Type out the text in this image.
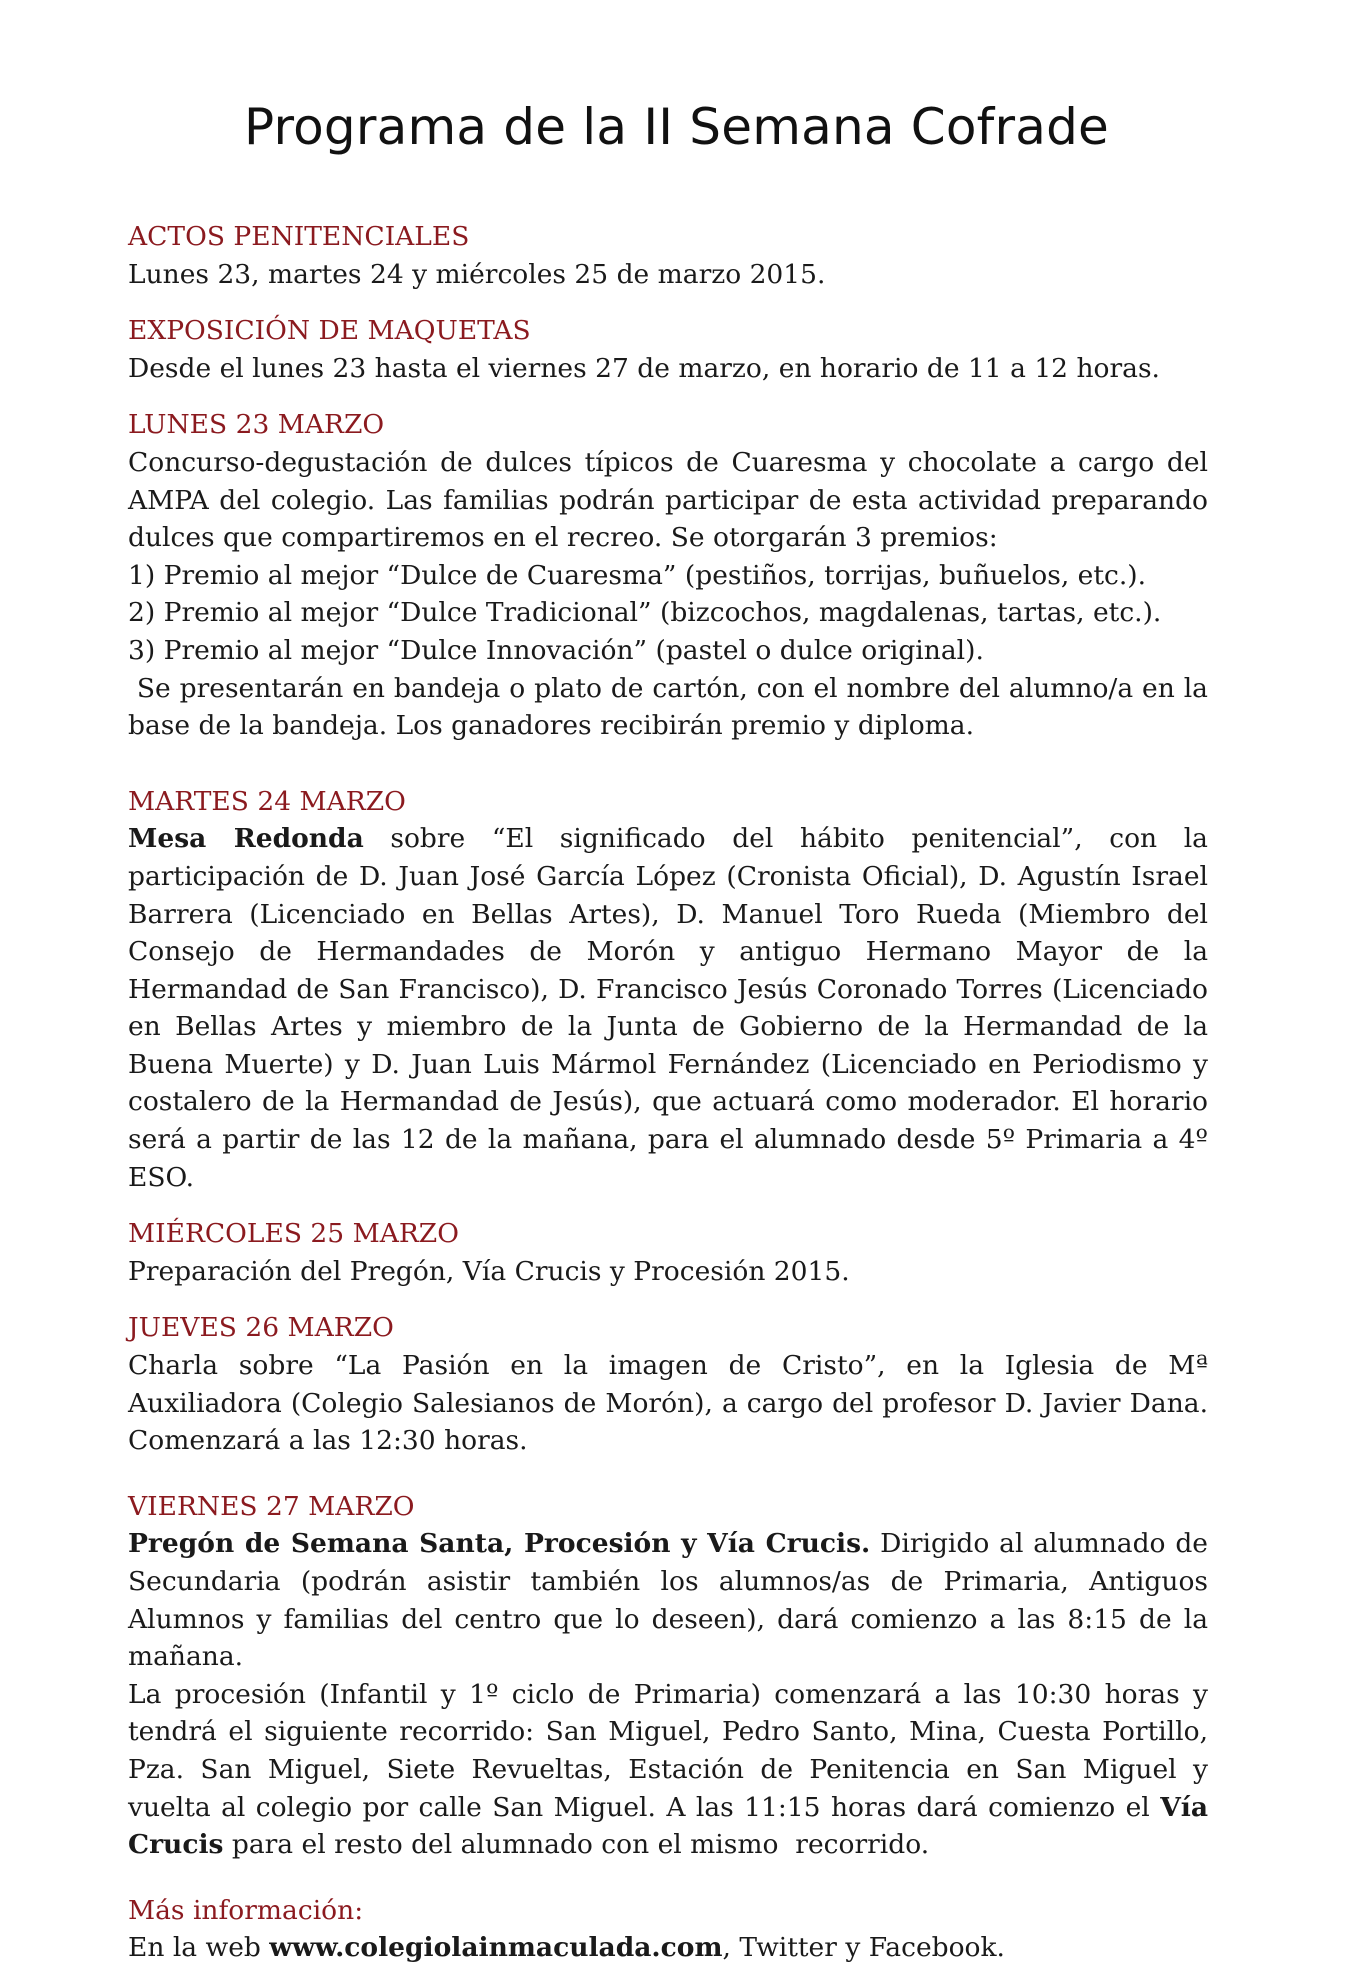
Programa de la II Semana Cofrade

ACTOS PENITENCIALES

Lunes 23, martes 24 y miércoles 25 de marzo 2015.

EXPOSICIÓN DE MAQUETAS

Desde el lunes 23 hasta el viernes 27 de marzo, en horario de 11 a 12 horas.

LUNES 23 MARZO

Concurso-degustación de dulces típicos de Cuaresma y chocolate a cargo del AMPA del colegio. Las familias podrán participar de esta actividad preparando dulces que compartiremos en el recreo. Se otorgarán 3 premios:

1) Premio al mejor “Dulce de Cuaresma” (pestiños, torrijas, buñuelos, etc.).

2) Premio al mejor “Dulce Tradicional” (bizcochos, magdalenas, tartas, etc.).

3) Premio al mejor “Dulce Innovación” (pastel o dulce original).

Se presentarán en bandeja o plato de cartón, con el nombre del alumno/a en la base de la bandeja. Los ganadores recibirán premio y diploma.

MARTES 24 MARZO

Mesa Redonda sobre “El significado del hábito penitencial”, con la participación de D. Juan José García López (Cronista Oficial), D. Agustín Israel Barrera (Licenciado en Bellas Artes), D. Manuel Toro Rueda (Miembro del Consejo de Hermandades de Morón y antiguo Hermano Mayor de la Hermandad de San Francisco), D. Francisco Jesús Coronado Torres (Licenciado en Bellas Artes y miembro de la Junta de Gobierno de la Hermandad de la Buena Muerte) y D. Juan Luis Mármol Fernández (Licenciado en Periodismo y costalero de la Hermandad de Jesús), que actuará como moderador. El horario será a partir de las 12 de la mañana, para el alumnado desde 5º Primaria a 4º ESO.

MIÉRCOLES 25 MARZO

Preparación del Pregón, Vía Crucis y Procesión 2015.

JUEVES 26 MARZO

Charla sobre “La Pasión en la imagen de Cristo”, en la Iglesia de Mª Auxiliadora (Colegio Salesianos de Morón), a cargo del profesor D. Javier Dana. Comenzará a las 12:30 horas.

VIERNES 27 MARZO

Pregón de Semana Santa, Procesión y Vía Crucis. Dirigido al alumnado de Secundaria (podrán asistir también los alumnos/as de Primaria, Antiguos Alumnos y familias del centro que lo deseen), dará comienzo a las 8:15 de la mañana.

La procesión (Infantil y 1º ciclo de Primaria) comenzará a las 10:30 horas y tendrá el siguiente recorrido: San Miguel, Pedro Santo, Mina, Cuesta Portillo, Pza. San Miguel, Siete Revueltas, Estación de Penitencia en San Miguel y vuelta al colegio por calle San Miguel. A las 11:15 horas dará comienzo el Vía Crucis para el resto del alumnado con el mismo  recorrido.

Más información:

En la web www.colegiolainmaculada.com, Twitter y Facebook.
